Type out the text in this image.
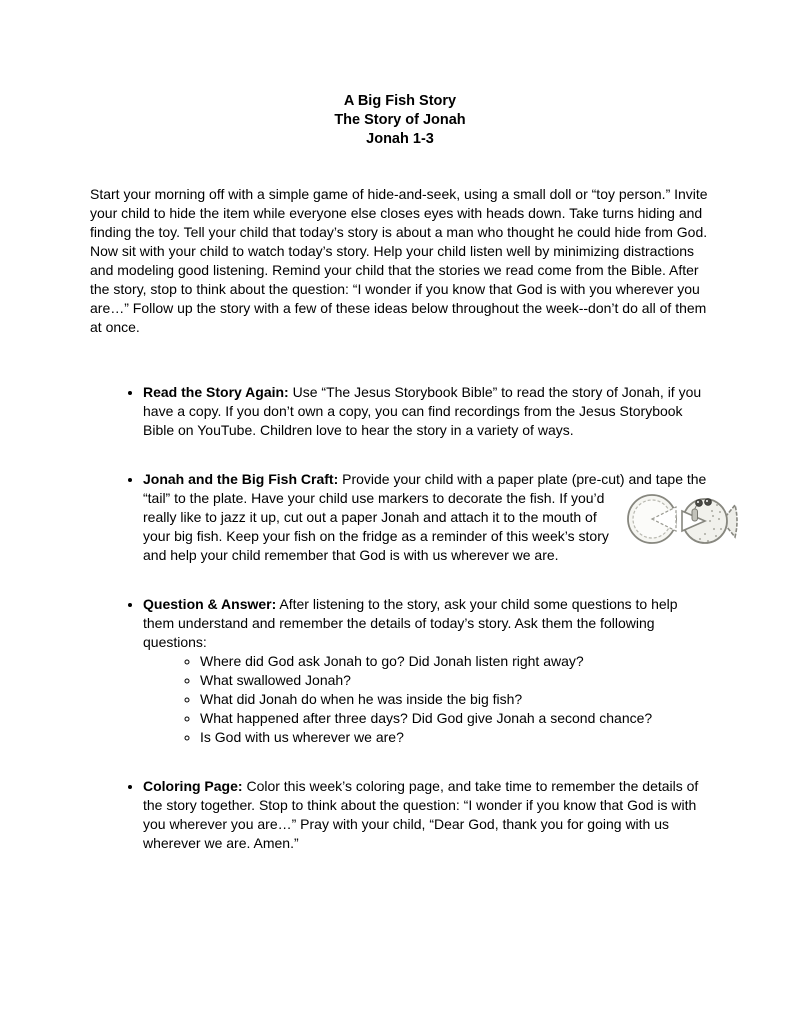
A Big Fish Story
The Story of Jonah
Jonah 1-3

Start your morning off with a simple game of hide-and-seek, using a small doll or “toy person.” Invite your child to hide the item while everyone else closes eyes with heads down. Take turns hiding and finding the toy. Tell your child that today’s story is about a man who thought he could hide from God. Now sit with your child to watch today’s story. Help your child listen well by minimizing distractions and modeling good listening. Remind your child that the stories we read come from the Bible. After the story, stop to think about the question: “I wonder if you know that God is with you wherever you are…” Follow up the story with a few of these ideas below throughout the week--don’t do all of them at once.

• Read the Story Again: Use “The Jesus Storybook Bible” to read the story of Jonah, if you have a copy. If you don’t own a copy, you can find recordings from the Jesus Storybook Bible on YouTube. Children love to hear the story in a variety of ways.
• Jonah and the Big Fish Craft: Provide your child with a paper plate (pre-cut) and
tape the “tail” to the plate. Have your child use markers to decorate the fish. If you’d really like to jazz it up, cut out a paper Jonah and attach it to the mouth of your big fish. Keep your fish on the fridge as a reminder of this week’s story and help your child remember that God is with us wherever we are.
• Question & Answer: After listening to the story, ask your child some questions to help them understand and remember the details of today’s story. Ask them the following questions:
◦ Where did God ask Jonah to go? Did Jonah listen right away?
◦ What swallowed Jonah?
◦ What did Jonah do when he was inside the big fish?
◦ What happened after three days? Did God give Jonah a second chance?
◦ Is God with us wherever we are?
• Coloring Page: Color this week’s coloring page, and take time to remember the details of the story together. Stop to think about the question: “I wonder if you know that God is with you wherever you are…” Pray with your child, “Dear God, thank you for going with us wherever we are. Amen.”
